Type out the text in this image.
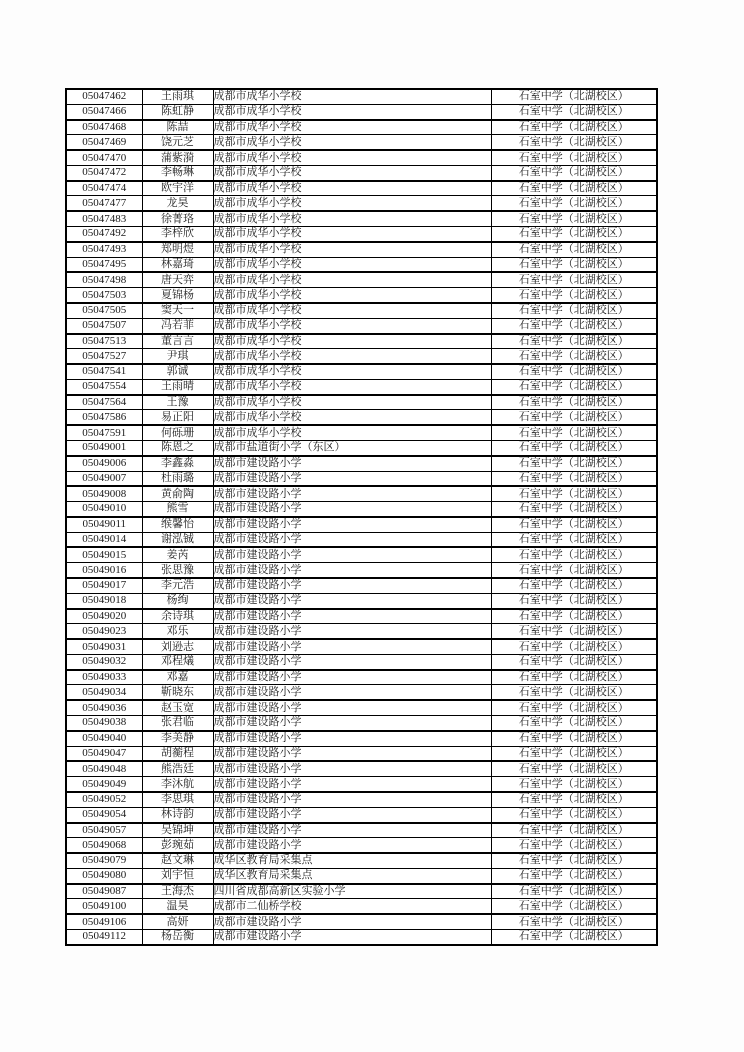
05047462	王雨琪	成都市成华小学校	石室中学（北湖校区）
05047466	陈虹静	成都市成华小学校	石室中学（北湖校区）
05047468	陈喆	成都市成华小学校	石室中学（北湖校区）
05047469	饶元芝	成都市成华小学校	石室中学（北湖校区）
05047470	蒲紫漪	成都市成华小学校	石室中学（北湖校区）
05047472	李畅琳	成都市成华小学校	石室中学（北湖校区）
05047474	欧宇洋	成都市成华小学校	石室中学（北湖校区）
05047477	龙昊	成都市成华小学校	石室中学（北湖校区）
05047483	徐菁珞	成都市成华小学校	石室中学（北湖校区）
05047492	李梓欣	成都市成华小学校	石室中学（北湖校区）
05047493	郑明煜	成都市成华小学校	石室中学（北湖校区）
05047495	林嘉琦	成都市成华小学校	石室中学（北湖校区）
05047498	唐天弈	成都市成华小学校	石室中学（北湖校区）
05047503	夏锦杨	成都市成华小学校	石室中学（北湖校区）
05047505	窦天一	成都市成华小学校	石室中学（北湖校区）
05047507	冯若菲	成都市成华小学校	石室中学（北湖校区）
05047513	董言言	成都市成华小学校	石室中学（北湖校区）
05047527	尹琪	成都市成华小学校	石室中学（北湖校区）
05047541	郭诚	成都市成华小学校	石室中学（北湖校区）
05047554	王雨晴	成都市成华小学校	石室中学（北湖校区）
05047564	王豫	成都市成华小学校	石室中学（北湖校区）
05047586	易正阳	成都市成华小学校	石室中学（北湖校区）
05047591	何砾珊	成都市成华小学校	石室中学（北湖校区）
05049001	陈恩之	成都市盐道街小学（东区）	石室中学（北湖校区）
05049006	李鑫淼	成都市建设路小学	石室中学（北湖校区）
05049007	杜雨璐	成都市建设路小学	石室中学（北湖校区）
05049008	黄俞陶	成都市建设路小学	石室中学（北湖校区）
05049010	熊雪	成都市建设路小学	石室中学（北湖校区）
05049011	缑馨怡	成都市建设路小学	石室中学（北湖校区）
05049014	谢泓铖	成都市建设路小学	石室中学（北湖校区）
05049015	姜芮	成都市建设路小学	石室中学（北湖校区）
05049016	张思豫	成都市建设路小学	石室中学（北湖校区）
05049017	李元浩	成都市建设路小学	石室中学（北湖校区）
05049018	杨绚	成都市建设路小学	石室中学（北湖校区）
05049020	余诗琪	成都市建设路小学	石室中学（北湖校区）
05049023	邓乐	成都市建设路小学	石室中学（北湖校区）
05049031	刘逊志	成都市建设路小学	石室中学（北湖校区）
05049032	邓程燨	成都市建设路小学	石室中学（北湖校区）
05049033	邓嘉	成都市建设路小学	石室中学（北湖校区）
05049034	靳晓东	成都市建设路小学	石室中学（北湖校区）
05049036	赵玉宽	成都市建设路小学	石室中学（北湖校区）
05049038	张君临	成都市建设路小学	石室中学（北湖校区）
05049040	李美静	成都市建设路小学	石室中学（北湖校区）
05049047	胡蘅程	成都市建设路小学	石室中学（北湖校区）
05049048	熊浩廷	成都市建设路小学	石室中学（北湖校区）
05049049	李沐航	成都市建设路小学	石室中学（北湖校区）
05049052	李思琪	成都市建设路小学	石室中学（北湖校区）
05049054	林诗韵	成都市建设路小学	石室中学（北湖校区）
05049057	吴锦坤	成都市建设路小学	石室中学（北湖校区）
05049068	彭琬茹	成都市建设路小学	石室中学（北湖校区）
05049079	赵文琳	成华区教育局采集点	石室中学（北湖校区）
05049080	刘宇恒	成华区教育局采集点	石室中学（北湖校区）
05049087	王海杰	四川省成都高新区实验小学	石室中学（北湖校区）
05049100	温昊	成都市二仙桥学校	石室中学（北湖校区）
05049106	高妍	成都市建设路小学	石室中学（北湖校区）
05049112	杨岳衡	成都市建设路小学	石室中学（北湖校区）
